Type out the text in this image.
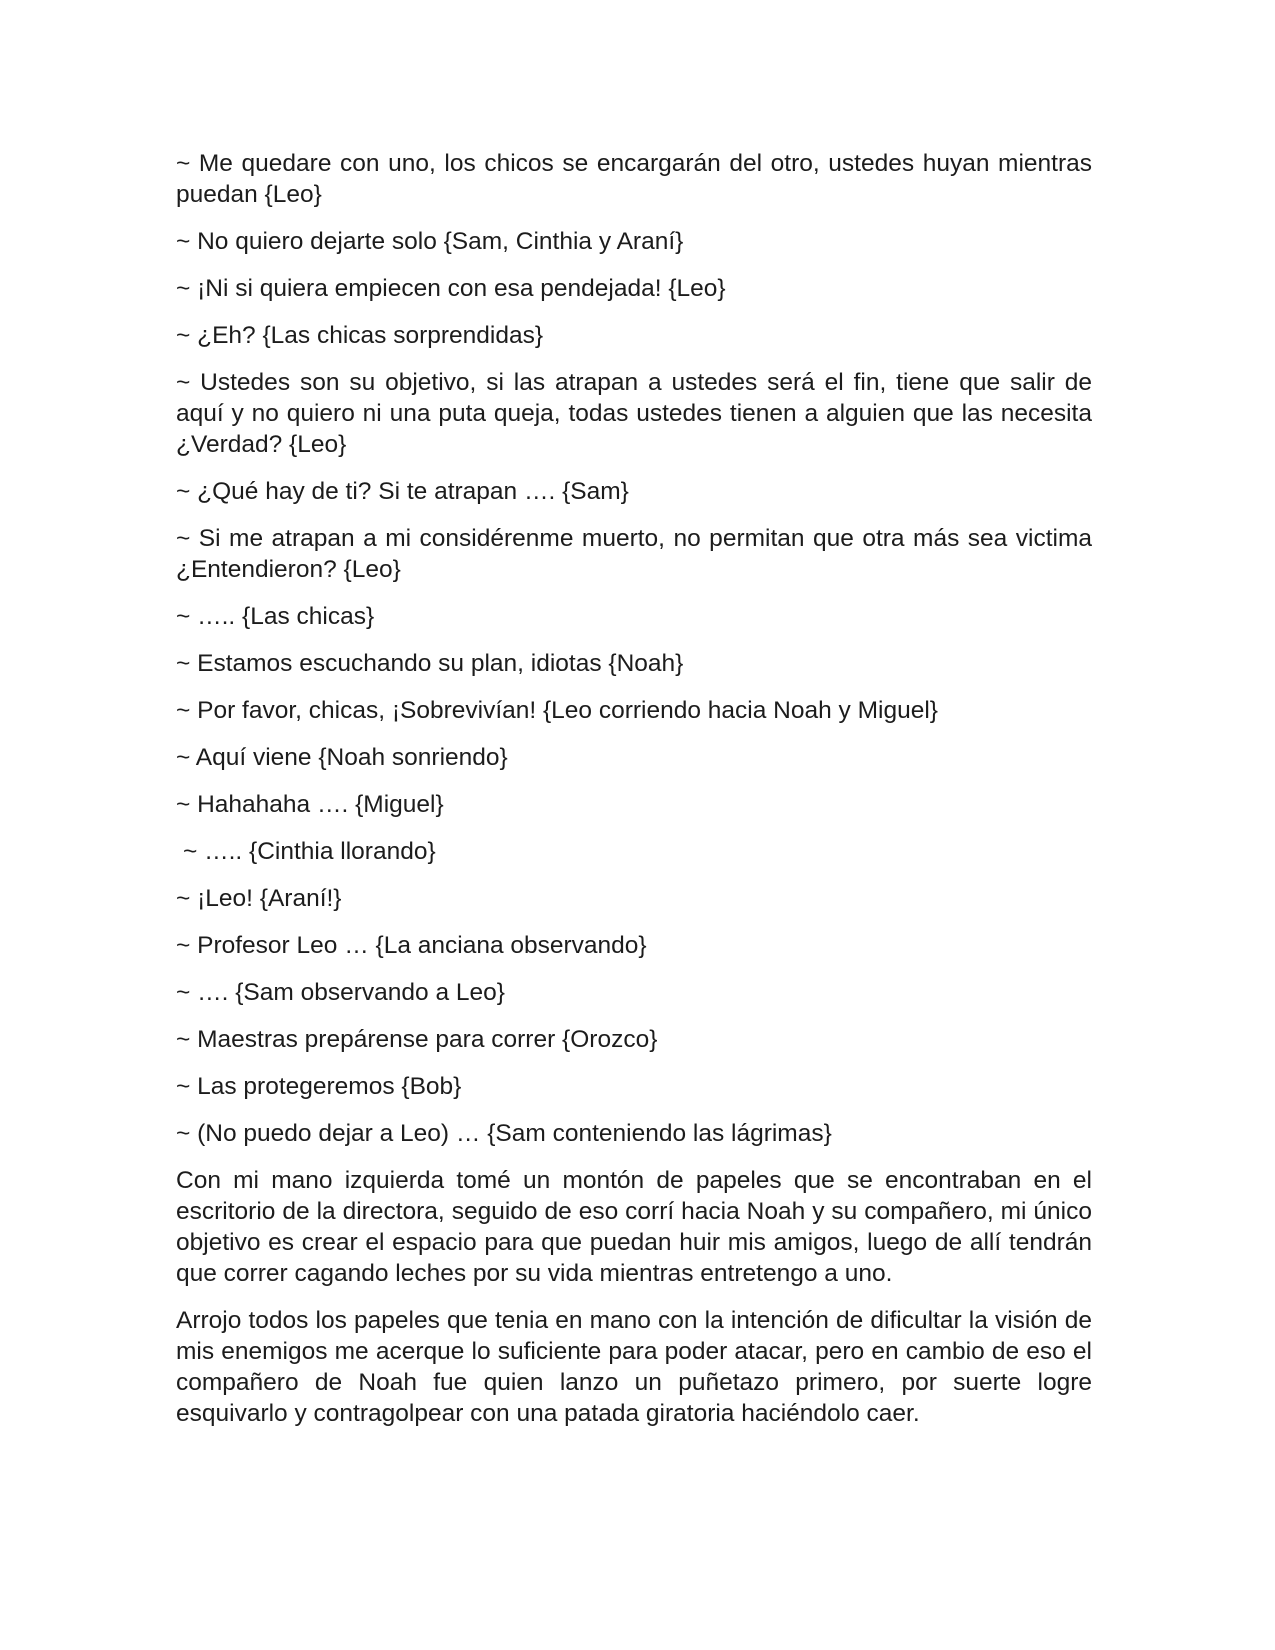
~ Me quedare con uno, los chicos se encargarán del otro, ustedes huyan mientras puedan {Leo}

~ No quiero dejarte solo {Sam, Cinthia y Araní}

~ ¡Ni si quiera empiecen con esa pendejada! {Leo}

~ ¿Eh? {Las chicas sorprendidas}

~ Ustedes son su objetivo, si las atrapan a ustedes será el fin, tiene que salir de aquí y no quiero ni una puta queja, todas ustedes tienen a alguien que las necesita ¿Verdad? {Leo}

~ ¿Qué hay de ti? Si te atrapan …. {Sam}

~ Si me atrapan a mi considérenme muerto, no permitan que otra más sea victima ¿Entendieron? {Leo}

~ ….. {Las chicas}

~ Estamos escuchando su plan, idiotas {Noah}

~ Por favor, chicas, ¡Sobrevivían! {Leo corriendo hacia Noah y Miguel}

~ Aquí viene {Noah sonriendo}

~ Hahahaha …. {Miguel}

~ ….. {Cinthia llorando}

~ ¡Leo! {Araní!}

~ Profesor Leo … {La anciana observando}

~ …. {Sam observando a Leo}

~ Maestras prepárense para correr {Orozco}

~ Las protegeremos {Bob}

~ (No puedo dejar a Leo) … {Sam conteniendo las lágrimas}

Con mi mano izquierda tomé un montón de papeles que se encontraban en el escritorio de la directora, seguido de eso corrí hacia Noah y su compañero, mi único objetivo es crear el espacio para que puedan huir mis amigos, luego de allí tendrán que correr cagando leches por su vida mientras entretengo a uno.

Arrojo todos los papeles que tenia en mano con la intención de dificultar la visión de mis enemigos me acerque lo suficiente para poder atacar, pero en cambio de eso el compañero de Noah fue quien lanzo un puñetazo primero, por suerte logre esquivarlo y contragolpear con una patada giratoria haciéndolo caer.
